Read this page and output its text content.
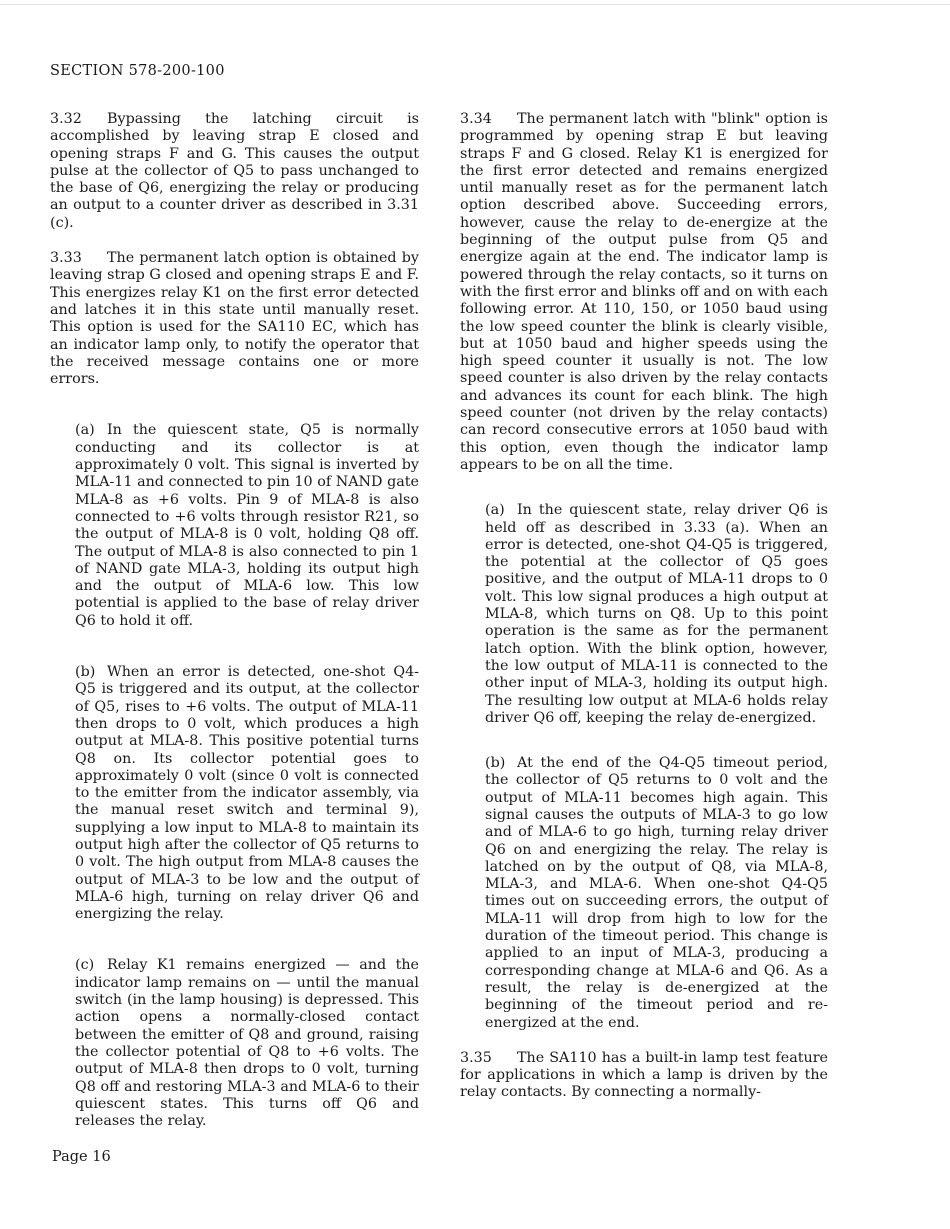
SECTION 578-200-100

3.32 Bypassing the latching circuit is accomplished by leaving strap E closed and opening straps F and G. This causes the output pulse at the collector of Q5 to pass unchanged to the base of Q6, energizing the relay or producing an output to a counter driver as described in 3.31 (c).

3.33 The permanent latch option is obtained by leaving strap G closed and opening straps E and F. This energizes relay K1 on the first error detected and latches it in this state until manually reset. This option is used for the SA110 EC, which has an indicator lamp only, to notify the operator that the received message contains one or more errors.

(a) In the quiescent state, Q5 is normally conducting and its collector is at approximately 0 volt. This signal is inverted by MLA-11 and connected to pin 10 of NAND gate MLA-8 as +6 volts. Pin 9 of MLA-8 is also connected to +6 volts through resistor R21, so the output of MLA-8 is 0 volt, holding Q8 off. The output of MLA-8 is also connected to pin 1 of NAND gate MLA-3, holding its output high and the output of MLA-6 low. This low potential is applied to the base of relay driver Q6 to hold it off.

(b) When an error is detected, one-shot Q4-Q5 is triggered and its output, at the collector of Q5, rises to +6 volts. The output of MLA-11 then drops to 0 volt, which produces a high output at MLA-8. This positive potential turns Q8 on. Its collector potential goes to approximately 0 volt (since 0 volt is connected to the emitter from the indicator assembly, via the manual reset switch and terminal 9), supplying a low input to MLA-8 to maintain its output high after the collector of Q5 returns to 0 volt. The high output from MLA-8 causes the output of MLA-3 to be low and the output of MLA-6 high, turning on relay driver Q6 and energizing the relay.

(c) Relay K1 remains energized — and the indicator lamp remains on — until the manual switch (in the lamp housing) is depressed. This action opens a normally-closed contact between the emitter of Q8 and ground, raising the collector potential of Q8 to +6 volts. The output of MLA-8 then drops to 0 volt, turning Q8 off and restoring MLA-3 and MLA-6 to their quiescent states. This turns off Q6 and releases the relay.

3.34 The permanent latch with "blink" option is programmed by opening strap E but leaving straps F and G closed. Relay K1 is energized for the first error detected and remains energized until manually reset as for the permanent latch option described above. Succeeding errors, however, cause the relay to de-energize at the beginning of the output pulse from Q5 and energize again at the end. The indicator lamp is powered through the relay contacts, so it turns on with the first error and blinks off and on with each following error. At 110, 150, or 1050 baud using the low speed counter the blink is clearly visible, but at 1050 baud and higher speeds using the high speed counter it usually is not. The low speed counter is also driven by the relay contacts and advances its count for each blink. The high speed counter (not driven by the relay contacts) can record consecutive errors at 1050 baud with this option, even though the indicator lamp appears to be on all the time.

(a) In the quiescent state, relay driver Q6 is held off as described in 3.33 (a). When an error is detected, one-shot Q4-Q5 is triggered, the potential at the collector of Q5 goes positive, and the output of MLA-11 drops to 0 volt. This low signal produces a high output at MLA-8, which turns on Q8. Up to this point operation is the same as for the permanent latch option. With the blink option, however, the low output of MLA-11 is connected to the other input of MLA-3, holding its output high. The resulting low output at MLA-6 holds relay driver Q6 off, keeping the relay de-energized.

(b) At the end of the Q4-Q5 timeout period, the collector of Q5 returns to 0 volt and the output of MLA-11 becomes high again. This signal causes the outputs of MLA-3 to go low and of MLA-6 to go high, turning relay driver Q6 on and energizing the relay. The relay is latched on by the output of Q8, via MLA-8, MLA-3, and MLA-6. When one-shot Q4-Q5 times out on succeeding errors, the output of MLA-11 will drop from high to low for the duration of the timeout period. This change is applied to an input of MLA-3, producing a corresponding change at MLA-6 and Q6. As a result, the relay is de-energized at the beginning of the timeout period and re-energized at the end.

3.35 The SA110 has a built-in lamp test feature for applications in which a lamp is driven by the relay contacts. By connecting a normally-

Page 16
